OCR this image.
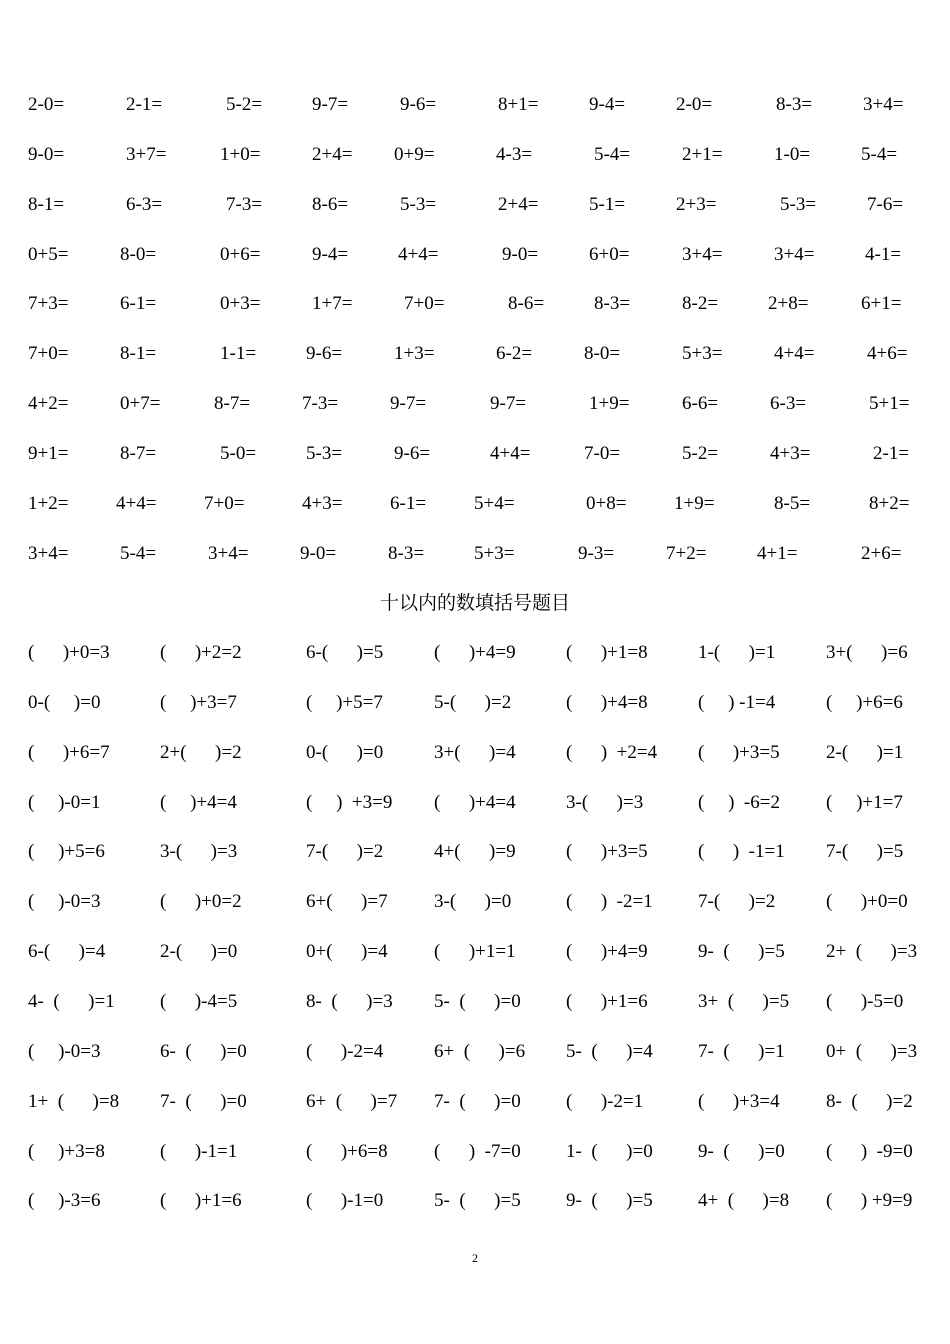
2-0=	2-1=	5-2=	9-7=	9-6=	8+1=	9-4=	2-0=	8-3=	3+4=
9-0=	3+7=	1+0=	2+4= 0+9=	4-3=	5-4=	2+1=	1-0=	5-4=
8-1=	6-3=	7-3=	8-6=	5-3=	2+4=	5-1=	2+3=	5-3=	7-6=
0+5=	8-0=	0+6=	9-4=	4+4=	9-0=	6+0=	3+4=	3+4=	4-1=
7+3=	6-1=	0+3=	1+7=	7+0=	8-6=	8-3=	8-2=	2+8=	6+1=
7+0=	8-1=	1-1=	9-6=	1+3=	6-2=	8-0=	5+3=	4+4=	4+6=
4+2=	0+7=	8-7=	7-3=	9-7=	9-7=	1+9=	6-6=	6-3=	5+1=
9+1=	8-7=	5-0=	5-3=	9-6=	4+4=	7-0=	5-2=	4+3=	2-1=
1+2=	4+4=	7+0=	4+3=	6-1=	5+4=	0+8=	1+9=	8-5=	8+2=
3+4=	5-4=	3+4=	9-0=	8-3=	5+3=	9-3=	7+2=	4+1=	2+6=
十以内的数填括号题目
(      )+0=3	(      )+2=2	6-(      )=5	(      )+4=9	(      )+1=8	1-(      )=1	3+(      )=6
0-(     )=0	(     )+3=7	(     )+5=7	5-(      )=2	(      )+4=8	(     ) -1=4	(     )+6=6
(      )+6=7	2+(      )=2	0-(      )=0	3+(      )=4	(      )  +2=4 (      )+3=5 2-(      )=1
(     )-0=1	(     )+4=4	(     )  +3=9 (      )+4=4	3-(      )=3	(     )  -6=2 (     )+1=7
(     )+5=6	3-(      )=3	7-(      )=2	4+(      )=9	(      )+3=5	(      )  -1=1 7-(      )=5
(     )-0=3	(      )+0=2	6+(      )=7 3-(      )=0	(      )  -2=1 7-(      )=2	(      )+0=0
6-(      )=4	2-(      )=0	0+(      )=4 (      )+1=1	(      )+4=9	9-  (      )=5 2+  (      )=3
4-  (      )=1 (      )-4=5	8-  (      )=3 5-  (      )=0 (      )+1=6	3+  (      )=5 (      )-5=0
(     )-0=3	6-  (      )=0	(      )-2=4	6+  (      )=6 5-  (      )=4 7-  (      )=1 0+  (      )=3
1+  (      )=8 7-  (      )=0	6+  (      )=7 7-  (      )=0 (      )-2=1	(      )+3=4 8-  (      )=2
(     )+3=8	(      )-1=1	(      )+6=8 (      )  -7=0 1-  (      )=0 9-  (      )=0 (      )  -9=0
(     )-3=6	(      )+1=6	(      )-1=0	5-  (      )=5 9-  (      )=5 4+  (      )=8 (      ) +9=9
2
